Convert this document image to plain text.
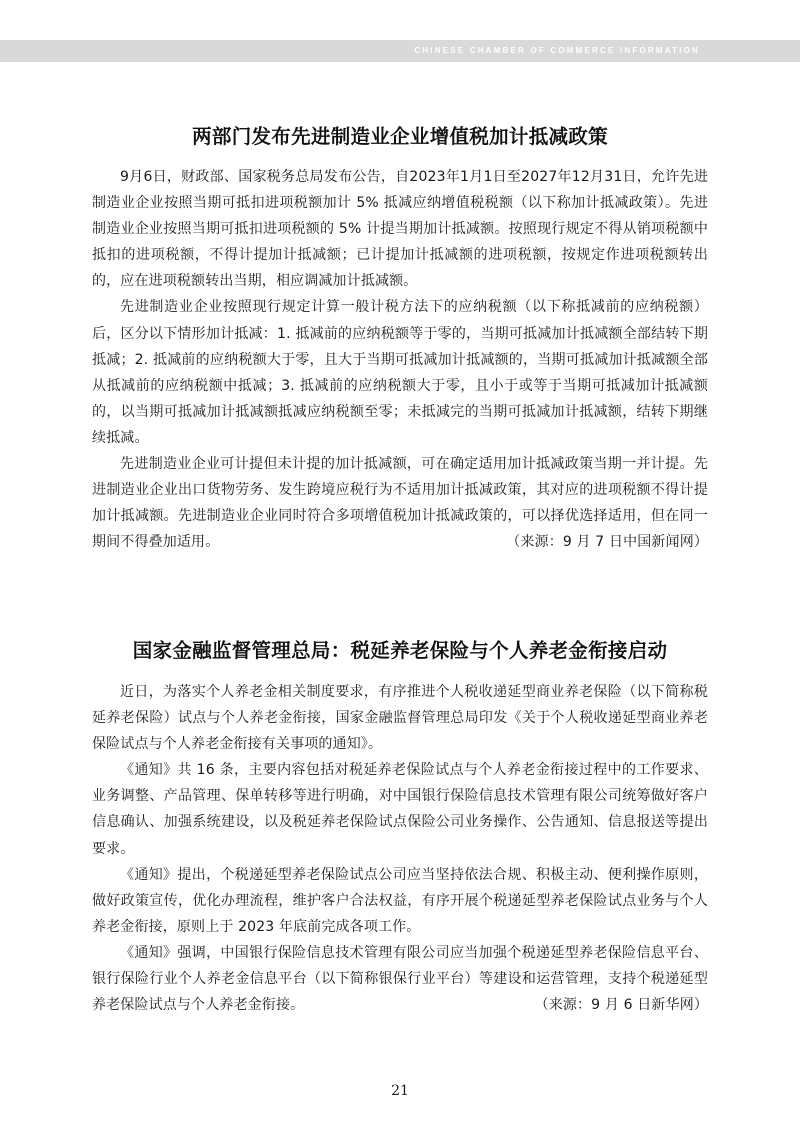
CHINESE CHAMBER OF COMMERCE INFORMATION
两部门发布先进制造业企业增值税加计抵减政策

9月6日，财政部、国家税务总局发布公告，自2023年1月1日至2027年12月31日，允许先进制造业企业按照当期可抵扣进项税额加计 5% 抵减应纳增值税税额（以下称加计抵减政策）。先进制造业企业按照当期可抵扣进项税额的 5% 计提当期加计抵减额。按照现行规定不得从销项税额中抵扣的进项税额，不得计提加计抵减额；已计提加计抵减额的进项税额，按规定作进项税额转出的，应在进项税额转出当期，相应调减加计抵减额。

先进制造业企业按照现行规定计算一般计税方法下的应纳税额（以下称抵减前的应纳税额）后，区分以下情形加计抵减：1. 抵减前的应纳税额等于零的，当期可抵减加计抵减额全部结转下期抵减；2. 抵减前的应纳税额大于零，且大于当期可抵减加计抵减额的，当期可抵减加计抵减额全部从抵减前的应纳税额中抵减；3. 抵减前的应纳税额大于零，且小于或等于当期可抵减加计抵减额的，以当期可抵减加计抵减额抵减应纳税额至零；未抵减完的当期可抵减加计抵减额，结转下期继续抵减。

先进制造业企业可计提但未计提的加计抵减额，可在确定适用加计抵减政策当期一并计提。先进制造业企业出口货物劳务、发生跨境应税行为不适用加计抵减政策，其对应的进项税额不得计提加计抵减额。先进制造业企业同时符合多项增值税加计抵减政策的，可以择优选择适用，但在同一期间不得叠加适用。	（来源：9 月 7 日中国新闻网）

国家金融监督管理总局：税延养老保险与个人养老金衔接启动

近日，为落实个人养老金相关制度要求，有序推进个人税收递延型商业养老保险（以下简称税延养老保险）试点与个人养老金衔接，国家金融监督管理总局印发《关于个人税收递延型商业养老保险试点与个人养老金衔接有关事项的通知》。

《通知》共 16 条，主要内容包括对税延养老保险试点与个人养老金衔接过程中的工作要求、业务调整、产品管理、保单转移等进行明确，对中国银行保险信息技术管理有限公司统筹做好客户信息确认、加强系统建设，以及税延养老保险试点保险公司业务操作、公告通知、信息报送等提出要求。

《通知》提出，个税递延型养老保险试点公司应当坚持依法合规、积极主动、便利操作原则，做好政策宣传，优化办理流程，维护客户合法权益，有序开展个税递延型养老保险试点业务与个人养老金衔接，原则上于 2023 年底前完成各项工作。

《通知》强调，中国银行保险信息技术管理有限公司应当加强个税递延型养老保险信息平台、银行保险行业个人养老金信息平台（以下简称银保行业平台）等建设和运营管理，支持个税递延型养老保险试点与个人养老金衔接。	（来源：9 月 6 日新华网）

21
